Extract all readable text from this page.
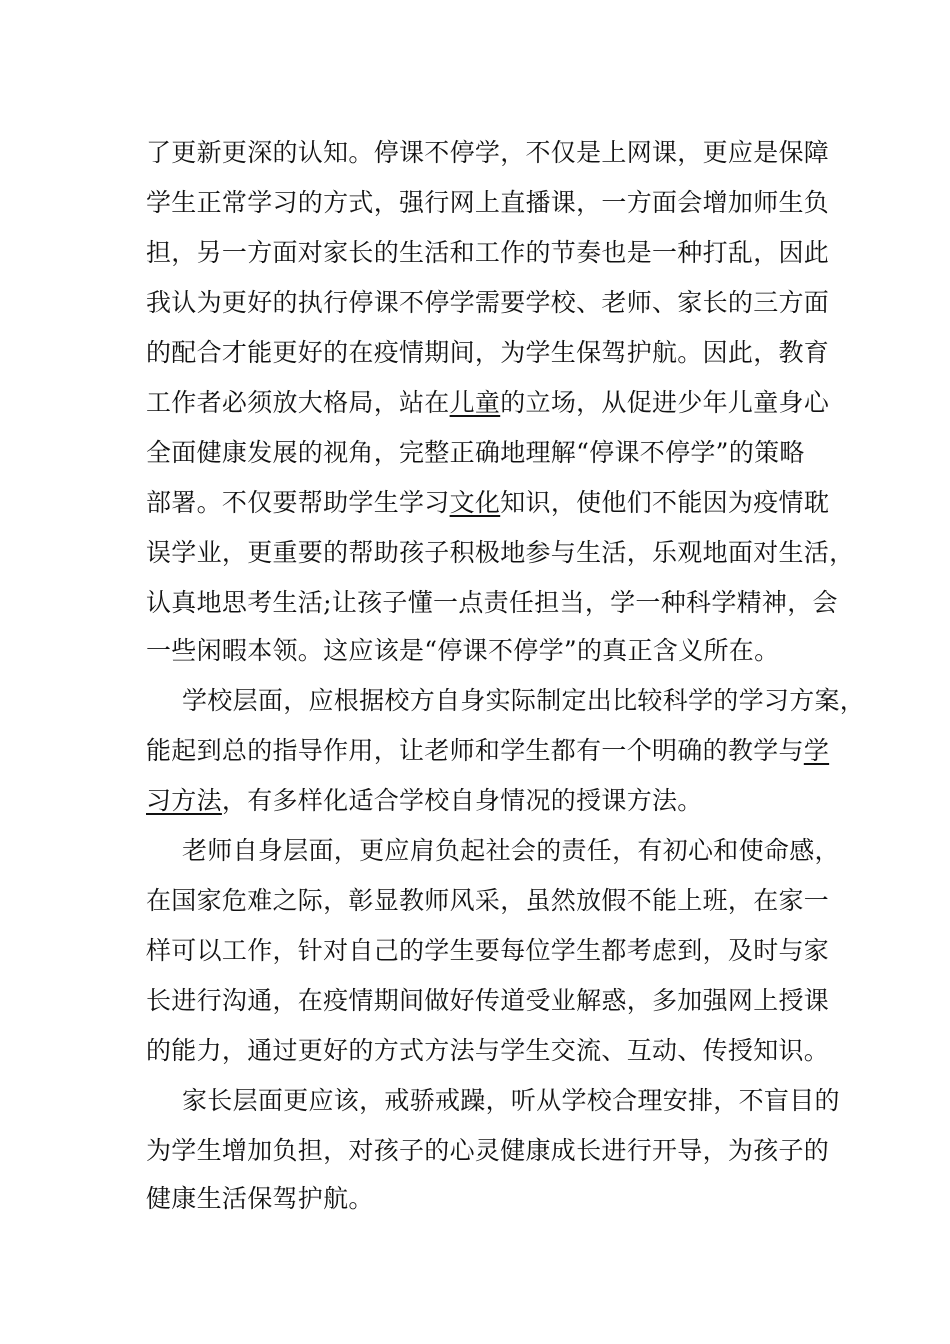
了更新更深的认知。停课不停学，不仅是上网课，更应是保障
学生正常学习的方式，强行网上直播课，一方面会增加师生负
担，另一方面对家长的生活和工作的节奏也是一种打乱，因此
我认为更好的执行停课不停学需要学校、老师、家长的三方面
的配合才能更好的在疫情期间，为学生保驾护航。因此，教育
工作者必须放大格局，站在儿童的立场，从促进少年儿童身心
全面健康发展的视角，完整正确地理解“停课不停学”的策略
部署。不仅要帮助学生学习文化知识，使他们不能因为疫情耽
误学业，更重要的帮助孩子积极地参与生活，乐观地面对生活，
认真地思考生活;让孩子懂一点责任担当，学一种科学精神，会
一些闲暇本领。这应该是“停课不停学”的真正含义所在。
学校层面，应根据校方自身实际制定出比较科学的学习方案，
能起到总的指导作用，让老师和学生都有一个明确的教学与学
习方法，有多样化适合学校自身情况的授课方法。
老师自身层面，更应肩负起社会的责任，有初心和使命感，
在国家危难之际，彰显教师风采，虽然放假不能上班，在家一
样可以工作，针对自己的学生要每位学生都考虑到，及时与家
长进行沟通，在疫情期间做好传道受业解惑，多加强网上授课
的能力，通过更好的方式方法与学生交流、互动、传授知识。
家长层面更应该，戒骄戒躁，听从学校合理安排，不盲目的
为学生增加负担，对孩子的心灵健康成长进行开导，为孩子的
健康生活保驾护航。
